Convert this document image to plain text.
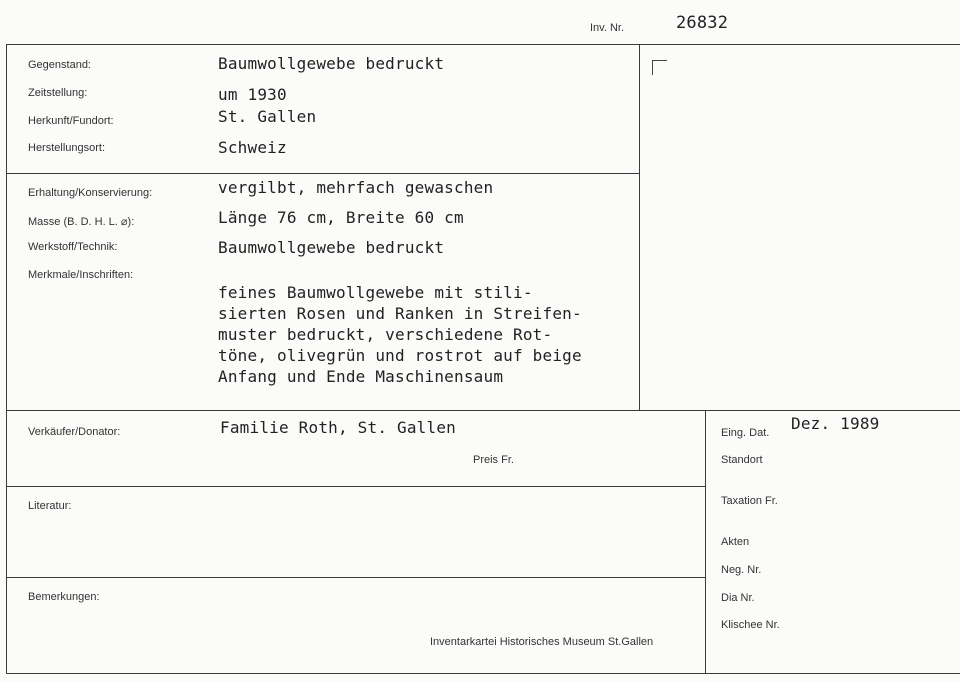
Inv. Nr.	26832
Gegenstand:	Baumwollgewebe bedruckt
Zeitstellung:	um 1930
Herkunft/Fundort:	St. Gallen
Herstellungsort:	Schweiz
Erhaltung/Konservierung:	vergilbt, mehrfach gewaschen
Masse (B. D. H. L. ⌀):	Länge 76 cm, Breite 60 cm
Werkstoff/Technik:	Baumwollgewebe bedruckt
Merkmale/Inschriften:
feines Baumwollgewebe mit stili-
sierten Rosen und Ranken in Streifen-
muster bedruckt, verschiedene Rot-
töne, olivegrün und rostrot auf beige
Anfang und Ende Maschinensaum
Verkäufer/Donator:	Familie Roth, St. Gallen
Preis Fr.
Literatur:
Bemerkungen:
Inventarkartei Historisches Museum St.Gallen
Eing. Dat. Dez. 1989
Standort
Taxation Fr.
Akten
Neg. Nr.
Dia Nr.
Klischee Nr.
